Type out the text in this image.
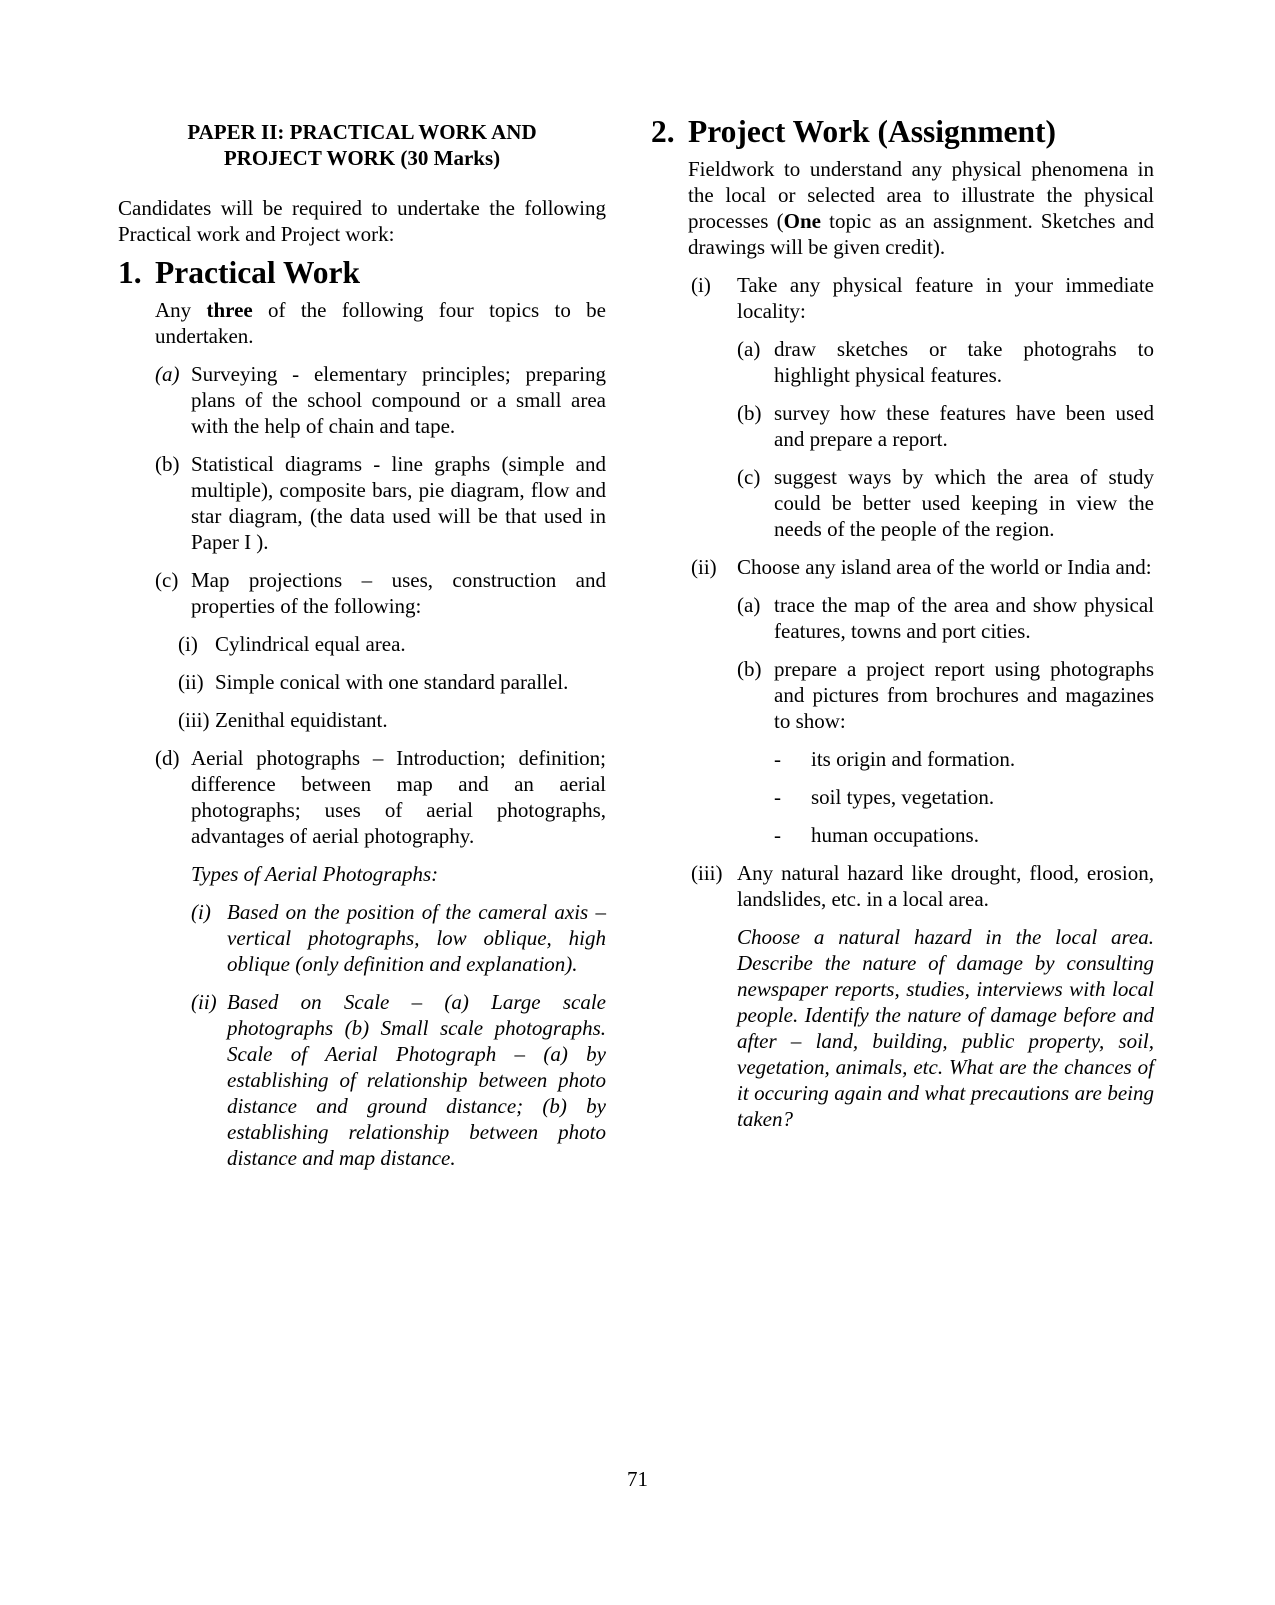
PAPER II: PRACTICAL WORK AND
PROJECT WORK (30 Marks)

Candidates will be required to undertake the following Practical work and Project work:

1. Practical Work

Any three of the following four topics to be undertaken.

(a) Surveying - elementary principles; preparing plans of the school compound or a small area with the help of chain and tape.

(b) Statistical diagrams - line graphs (simple and multiple), composite bars, pie diagram, flow and star diagram, (the data used will be that used in Paper I ).

(c) Map projections – uses, construction and properties of the following:

(i) Cylindrical equal area.

(ii) Simple conical with one standard parallel.

(iii) Zenithal equidistant.

(d) Aerial photographs – Introduction; definition; difference between map and an aerial photographs; uses of aerial photographs, advantages of aerial photography.

Types of Aerial Photographs:

(i) Based on the position of the cameral axis – vertical photographs, low oblique, high oblique (only definition and explanation).

(ii) Based on Scale – (a) Large scale photographs (b) Small scale photographs. Scale of Aerial Photograph – (a) by establishing of relationship between photo distance and ground distance; (b) by establishing relationship between photo distance and map distance.

2. Project Work (Assignment)

Fieldwork to understand any physical phenomena in the local or selected area to illustrate the physical processes (One topic as an assignment. Sketches and drawings will be given credit).

(i) Take any physical feature in your immediate locality:

(a) draw sketches or take photograhs to highlight physical features.

(b) survey how these features have been used and prepare a report.

(c) suggest ways by which the area of study could be better used keeping in view the needs of the people of the region.

(ii) Choose any island area of the world or India and:

(a) trace the map of the area and show physical features, towns and port cities.

(b) prepare a project report using photographs and pictures from brochures and magazines to show:

- its origin and formation.

- soil types, vegetation.

- human occupations.

(iii) Any natural hazard like drought, flood, erosion, landslides, etc. in a local area.

Choose a natural hazard in the local area. Describe the nature of damage by consulting newspaper reports, studies, interviews with local people. Identify the nature of damage before and after – land, building, public property, soil, vegetation, animals, etc. What are the chances of it occuring again and what precautions are being taken?

71
